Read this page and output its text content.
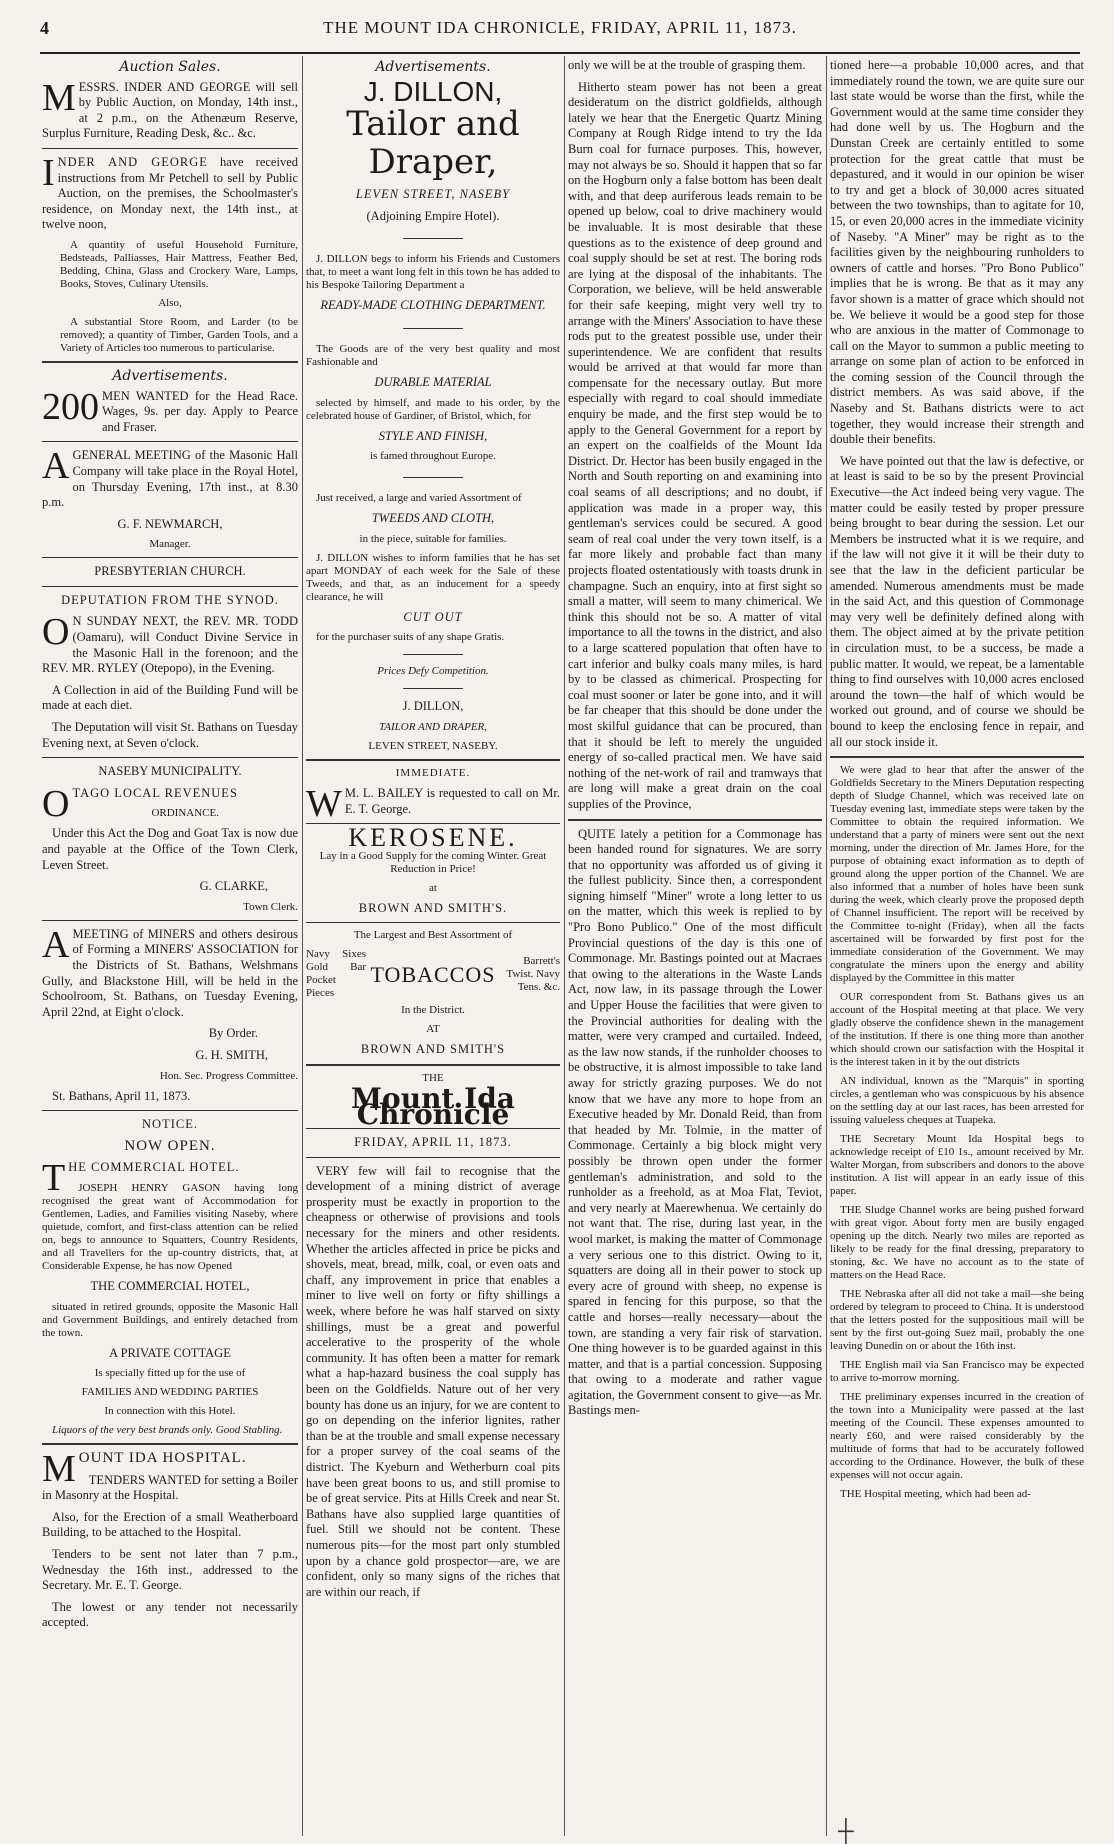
4	THE MOUNT IDA CHRONICLE, FRIDAY, APRIL 11, 1873.
Auction Sales.

MESSRS. INDER AND GEORGE will sell by Public Auction, on Monday, 14th inst., at 2 p.m., on the Athenæum Reserve, Surplus Furniture, Reading Desk, &c.. &c.

INDER AND GEORGE have received instructions from Mr Petchell to sell by Public Auction, on the premises, the Schoolmaster's residence, on Monday next, the 14th inst., at twelve noon,

A quantity of useful Household Furniture, Bedsteads, Palliasses, Hair Mattress, Feather Bed, Bedding, China, Glass and Crockery Ware, Lamps, Books, Stoves, Culinary Utensils.

Also,

A substantial Store Room, and Larder (to be removed); a quantity of Timber, Garden Tools, and a Variety of Articles too numerous to particularise.

Advertisements.

200 MEN WANTED for the Head Race. Wages, 9s. per day. Apply to Pearce and Fraser.

AGENERAL MEETING of the Masonic Hall Company will take place in the Royal Hotel, on Thursday Evening, 17th inst., at 8.30 p.m.

G. F. NEWMARCH,

Manager.

PRESBYTERIAN CHURCH.

DEPUTATION FROM THE SYNOD.

O N SUNDAY NEXT, the REV. MR. TODD (Oamaru), will Conduct Divine Service in the Masonic Hall in the forenoon; and the REV. MR. RYLEY (Otepopo), in the Evening.

A Collection in aid of the Building Fund will be made at each diet.

The Deputation will visit St. Bathans on Tuesday Evening next, at Seven o'clock.

NASEBY MUNICIPALITY.

OTAGO LOCAL REVENUES

ORDINANCE.

Under this Act the Dog and Goat Tax is now due and payable at the Office of the Town Clerk, Leven Street.

G. CLARKE,

Town Clerk.

AMEETING of MINERS and others desirous of Forming a MINERS' ASSOCIATION for the Districts of St. Bathans, Welshmans Gully, and Blackstone Hill, will be held in the Schoolroom, St. Bathans, on Tuesday Evening, April 22nd, at Eight o'clock.

By Order.

G. H. SMITH,

Hon. Sec. Progress Committee.

St. Bathans, April 11, 1873.

NOTICE.

NOW OPEN.

THE COMMERCIAL HOTEL.

JOSEPH HENRY GASON having long recognised the great want of Accommodation for Gentlemen, Ladies, and Families visiting Naseby, where quietude, comfort, and first-class attention can be relied on, begs to announce to Squatters, Country Residents, and all Travellers for the up-country districts, that, at Considerable Expense, he has now Opened

THE COMMERCIAL HOTEL,

situated in retired grounds, opposite the Masonic Hall and Government Buildings, and entirely detached from the town.

A PRIVATE COTTAGE

Is specially fitted up for the use of

FAMILIES AND WEDDING PARTIES

In connection with this Hotel.

Liquors of the very best brands only. Good Stabling.

MOUNT IDA HOSPITAL.

TENDERS WANTED for setting a Boiler in Masonry at the Hospital.

Also, for the Erection of a small Weatherboard Building, to be attached to the Hospital.

Tenders to be sent not later than 7 p.m., Wednesday the 16th inst., addressed to the Secretary. Mr. E. T. George.

The lowest or any tender not necessarily accepted.

Advertisements.
J. DILLON,
Tailor and Draper,

LEVEN STREET, NASEBY

(Adjoining Empire Hotel).

J. DILLON begs to inform his Friends and Customers that, to meet a want long felt in this town he has added to his Bespoke Tailoring Department a

READY-MADE CLOTHING DEPARTMENT.

The Goods are of the very best quality and most Fashionable and

DURABLE MATERIAL

selected by himself, and made to his order, by the celebrated house of Gardiner, of Bristol, which, for

STYLE AND FINISH,

is famed throughout Europe.

Just received, a large and varied Assortment of

TWEEDS AND CLOTH,

in the piece, suitable for families.

J. DILLON wishes to inform families that he has set apart MONDAY of each week for the Sale of these Tweeds, and that, as an inducement for a speedy clearance, he will

CUT OUT

for the purchaser suits of any shape Gratis.

Prices Defy Competition.

J. DILLON,

TAILOR AND DRAPER,

LEVEN STREET, NASEBY.

IMMEDIATE.

W M. L. BAILEY is requested to call on Mr. E. T. George.

KEROSENE.

Lay in a Good Supply for the coming Winter. Great Reduction in Price!

at

BROWN AND SMITH'S.

The Largest and Best Assortment of

Navy Sixes Gold Bar Pocket Pieces
TOBACCOS
Barrett's Twist. Navy Tens. &c.

In the District.

AT

BROWN AND SMITH'S

THE

Mount Ida Chronicle

FRIDAY, APRIL 11, 1873.

VERY few will fail to recognise that the development of a mining district of average prosperity must be exactly in proportion to the cheapness or otherwise of provisions and tools necessary for the miners and other residents. Whether the articles affected in price be picks and shovels, meat, bread, milk, coal, or even oats and chaff, any improvement in price that enables a miner to live well on forty or fifty shillings a week, where before he was half starved on sixty shillings, must be a great and powerful accelerative to the prosperity of the whole community. It has often been a matter for remark what a hap-hazard business the coal supply has been on the Goldfields. Nature out of her very bounty has done us an injury, for we are content to go on depending on the inferior lignites, rather than be at the trouble and small expense necessary for a proper survey of the coal seams of the district. The Kyeburn and Wetherburn coal pits have been great boons to us, and still promise to be of great service. Pits at Hills Creek and near St. Bathans have also supplied large quantities of fuel. Still we should not be content. These numerous pits—for the most part only stumbled upon by a chance gold prospector—are, we are confident, only so many signs of the riches that are within our reach, if

only we will be at the trouble of grasping them.

Hitherto steam power has not been a great desideratum on the district goldfields, although lately we hear that the Energetic Quartz Mining Company at Rough Ridge intend to try the Ida Burn coal for furnace purposes. This, however, may not always be so. Should it happen that so far on the Hogburn only a false bottom has been dealt with, and that deep auriferous leads remain to be opened up below, coal to drive machinery would be invaluable. It is most desirable that these questions as to the existence of deep ground and coal supply should be set at rest. The boring rods are lying at the disposal of the inhabitants. The Corporation, we believe, will be held answerable for their safe keeping, might very well try to arrange with the Miners' Association to have these rods put to the greatest possible use, under their superintendence. We are confident that results would be arrived at that would far more than compensate for the necessary outlay. But more especially with regard to coal should immediate enquiry be made, and the first step would be to apply to the General Government for a report by an expert on the coalfields of the Mount Ida District. Dr. Hector has been busily engaged in the North and South reporting on and examining into coal seams of all descriptions; and no doubt, if application was made in a proper way, this gentleman's services could be secured. A good seam of real coal under the very town itself, is a far more likely and probable fact than many projects floated ostentatiously with toasts drunk in champagne. Such an enquiry, into at first sight so small a matter, will seem to many chimerical. We think this should not be so. A matter of vital importance to all the towns in the district, and also to a large scattered population that often have to cart inferior and bulky coals many miles, is hard by to be classed as chimerical. Prospecting for coal must sooner or later be gone into, and it will be far cheaper that this should be done under the most skilful guidance that can be procured, than that it should be left to merely the unguided energy of so-called practical men. We have said nothing of the net-work of rail and tramways that are long will make a great drain on the coal supplies of the Province,

QUITE lately a petition for a Commonage has been handed round for signatures. We are sorry that no opportunity was afforded us of giving it the fullest publicity. Since then, a correspondent signing himself "Miner" wrote a long letter to us on the matter, which this week is replied to by "Pro Bono Publico." One of the most difficult Provincial questions of the day is this one of Commonage. Mr. Bastings pointed out at Macraes that owing to the alterations in the Waste Lands Act, now law, in its passage through the Lower and Upper House the facilities that were given to the Provincial authorities for dealing with the matter, were very cramped and curtailed. Indeed, as the law now stands, if the runholder chooses to be obstructive, it is almost impossible to take land away for strictly grazing purposes. We do not know that we have any more to hope from an Executive headed by Mr. Donald Reid, than from that headed by Mr. Tolmie, in the matter of Commonage. Certainly a big block might very possibly be thrown open under the former gentleman's administration, and sold to the runholder as a freehold, as at Moa Flat, Teviot, and very nearly at Maerewhenua. We certainly do not want that. The rise, during last year, in the wool market, is making the matter of Commonage a very serious one to this district. Owing to it, squatters are doing all in their power to stock up every acre of ground with sheep, no expense is spared in fencing for this purpose, so that the cattle and horses—really necessary—about the town, are standing a very fair risk of starvation. One thing however is to be guarded against in this matter, and that is a partial concession. Supposing that owing to a moderate and rather vague agitation, the Government consent to give—as Mr. Bastings men-

tioned here—a probable 10,000 acres, and that immediately round the town, we are quite sure our last state would be worse than the first, while the Government would at the same time consider they had done well by us. The Hogburn and the Dunstan Creek are certainly entitled to some protection for the great cattle that must be depastured, and it would in our opinion be wiser to try and get a block of 30,000 acres situated between the two townships, than to agitate for 10, 15, or even 20,000 acres in the immediate vicinity of Naseby. "A Miner" may be right as to the facilities given by the neighbouring runholders to owners of cattle and horses. "Pro Bono Publico" implies that he is wrong. Be that as it may any favor shown is a matter of grace which should not be. We believe it would be a good step for those who are anxious in the matter of Commonage to call on the Mayor to summon a public meeting to arrange on some plan of action to be enforced in the coming session of the Council through the district members. As was said above, if the Naseby and St. Bathans districts were to act together, they would increase their strength and double their benefits.

We have pointed out that the law is defective, or at least is said to be so by the present Provincial Executive—the Act indeed being very vague. The matter could be easily tested by proper pressure being brought to bear during the session. Let our Members be instructed what it is we require, and if the law will not give it it will be their duty to see that the law in the deficient particular be amended. Numerous amendments must be made in the said Act, and this question of Commonage may very well be definitely defined along with them. The object aimed at by the private petition in circulation must, to be a success, be made a public matter. It would, we repeat, be a lamentable thing to find ourselves with 10,000 acres enclosed around the town—the half of which would be worked out ground, and of course we should be bound to keep the enclosing fence in repair, and all our stock inside it.

We were glad to hear that after the answer of the Goldfields Secretary to the Miners Deputation respecting depth of Sludge Channel, which was received late on Tuesday evening last, immediate steps were taken by the Committee to obtain the required information. We understand that a party of miners were sent out the next morning, under the direction of Mr. James Hore, for the purpose of obtaining exact information as to depth of ground along the upper portion of the Channel. We are also informed that a number of holes have been sunk during the week, which clearly prove the proposed depth of Channel insufficient. The report will be received by the Committee to-night (Friday), when all the facts ascertained will be forwarded by first post for the immediate consideration of the Government. We may congratulate the miners upon the energy and ability displayed by the Committee in this matter

OUR correspondent from St. Bathans gives us an account of the Hospital meeting at that place. We very gladly observe the confidence shewn in the management of the institution. If there is one thing more than another which should crown our satisfaction with the Hospital it is the interest taken in it by the out districts

AN individual, known as the "Marquis" in sporting circles, a gentleman who was conspicuous by his absence on the settling day at our last races, has been arrested for issuing valueless cheques at Tuapeka.

THE Secretary Mount Ida Hospital begs to acknowledge receipt of £10 1s., amount received by Mr. Walter Morgan, from subscribers and donors to the above institution. A list will appear in an early issue of this paper.

THE Sludge Channel works are being pushed forward with great vigor. About forty men are busily engaged opening up the ditch. Nearly two miles are reported as likely to be ready for the final dressing, preparatory to stoning, &c. We have no account as to the state of matters on the Head Race.

THE Nebraska after all did not take a mail—she being ordered by telegram to proceed to China. It is understood that the letters posted for the suppositious mail will be sent by the first out-going Suez mail, probably the one leaving Dunedin on or about the 16th inst.

THE English mail via San Francisco may be expected to arrive to-morrow morning.

THE preliminary expenses incurred in the creation of the town into a Municipality were passed at the last meeting of the Council. These expenses amounted to nearly £60, and were raised considerably by the multitude of forms that had to be accurately followed according to the Ordinance. However, the bulk of these expenses will not occur again.

THE Hospital meeting, which had been ad-

┼
